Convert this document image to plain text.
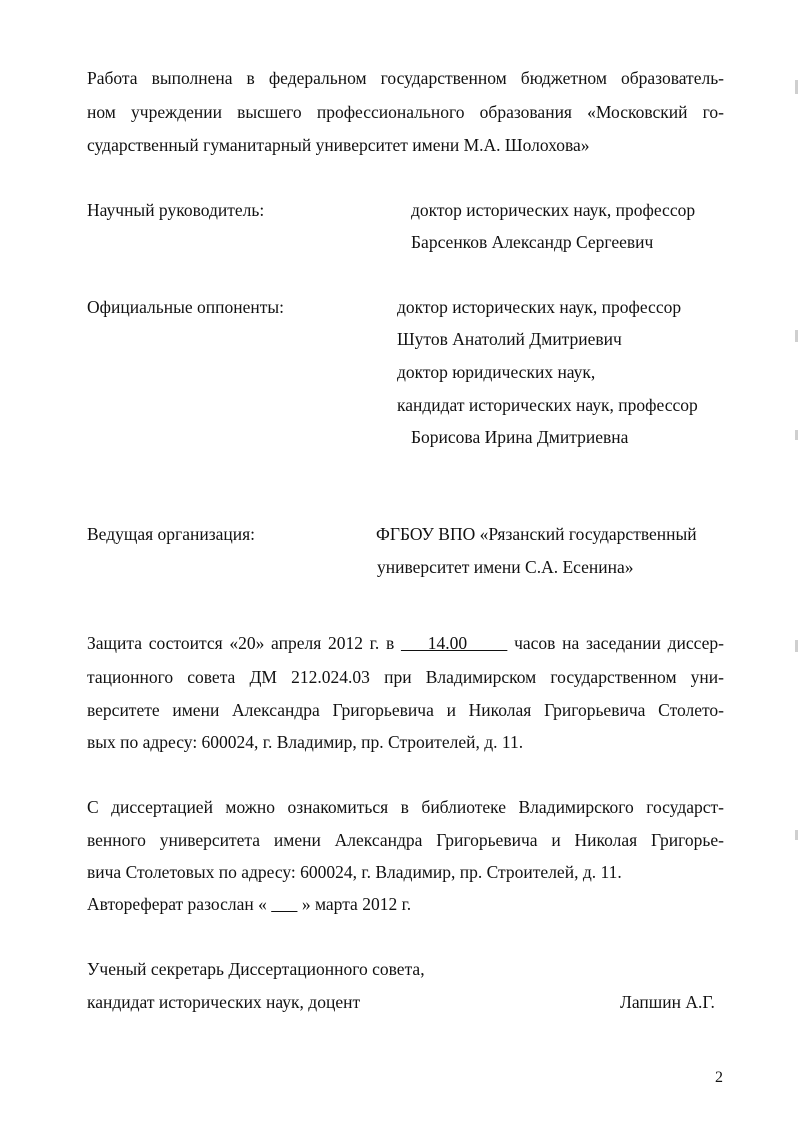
Работа выполнена в федеральном государственном бюджетном образователь-
ном учреждении высшего профессионального образования «Московский го-
сударственный гуманитарный университет имени М.А. Шолохова»
Научный руководитель:	доктор исторических наук, профессор
Барсенков Александр Сергеевич
Официальные оппоненты:	доктор исторических наук, профессор
Шутов Анатолий Дмитриевич
доктор юридических наук,
кандидат исторических наук, профессор
Борисова Ирина Дмитриевна
Ведущая организация:	ФГБОУ ВПО «Рязанский государственный
университет имени С.А. Есенина»
Защита состоится «20» апреля 2012 г. в     14.00       часов на заседании диссер-
тационного совета ДМ 212.024.03 при Владимирском государственном уни-
верситете имени Александра Григорьевича и Николая Григорьевича Столето-
вых по адресу: 600024, г. Владимир, пр. Строителей, д. 11.
С диссертацией можно ознакомиться в библиотеке Владимирского государст-
венного университета имени Александра Григорьевича и Николая Григорье-
вича Столетовых по адресу: 600024, г. Владимир, пр. Строителей, д. 11.
Автореферат разослан «        » марта 2012 г.
Ученый секретарь Диссертационного совета,
кандидат исторических наук, доцент	Лапшин А.Г.
2
